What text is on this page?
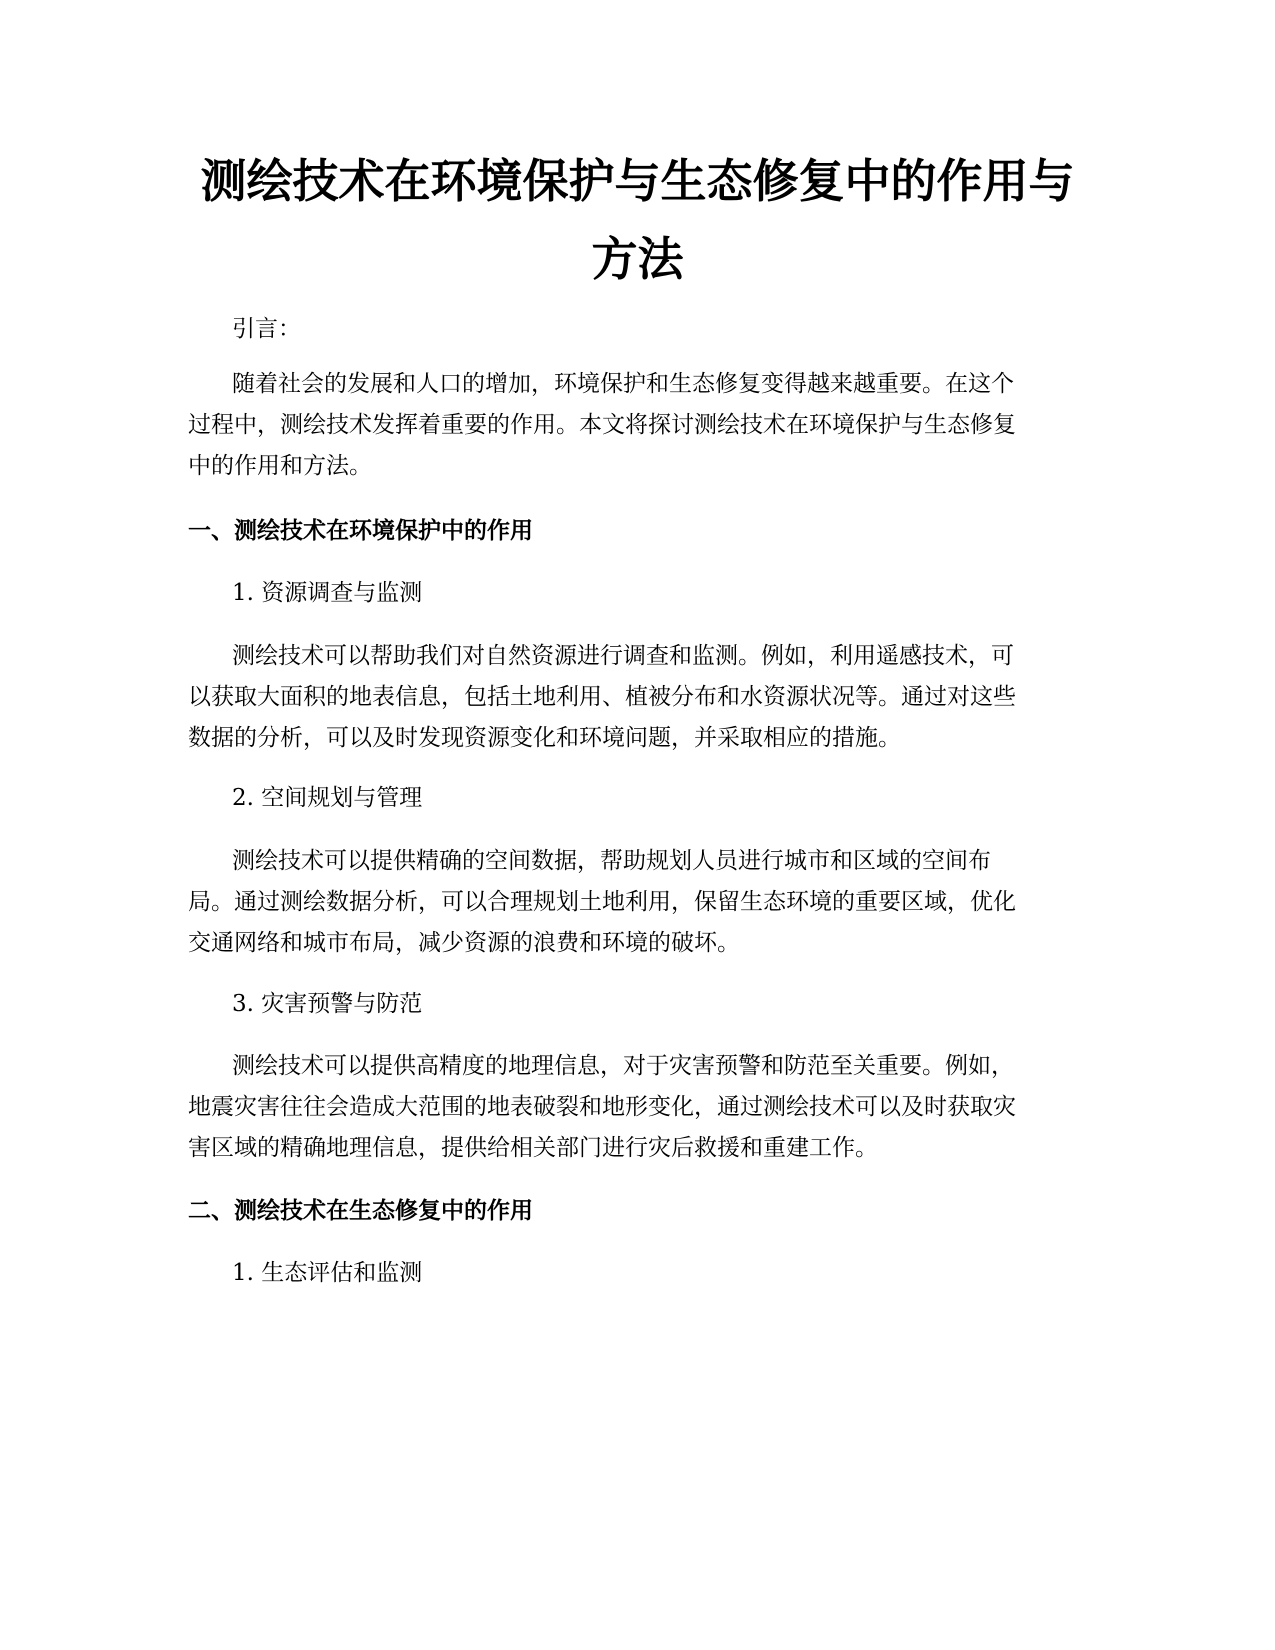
测绘技术在环境保护与生态修复中的作用与
方法

引言：

随着社会的发展和人口的增加，环境保护和生态修复变得越来越重要。在这个
过程中，测绘技术发挥着重要的作用。本文将探讨测绘技术在环境保护与生态修复
中的作用和方法。
一、测绘技术在环境保护中的作用

1. 资源调查与监测

测绘技术可以帮助我们对自然资源进行调查和监测。例如，利用遥感技术，可
以获取大面积的地表信息，包括土地利用、植被分布和水资源状况等。通过对这些
数据的分析，可以及时发现资源变化和环境问题，并采取相应的措施。

2. 空间规划与管理

测绘技术可以提供精确的空间数据，帮助规划人员进行城市和区域的空间布
局。通过测绘数据分析，可以合理规划土地利用，保留生态环境的重要区域，优化
交通网络和城市布局，减少资源的浪费和环境的破坏。

3. 灾害预警与防范

测绘技术可以提供高精度的地理信息，对于灾害预警和防范至关重要。例如，
地震灾害往往会造成大范围的地表破裂和地形变化，通过测绘技术可以及时获取灾
害区域的精确地理信息，提供给相关部门进行灾后救援和重建工作。
二、测绘技术在生态修复中的作用

1. 生态评估和监测
